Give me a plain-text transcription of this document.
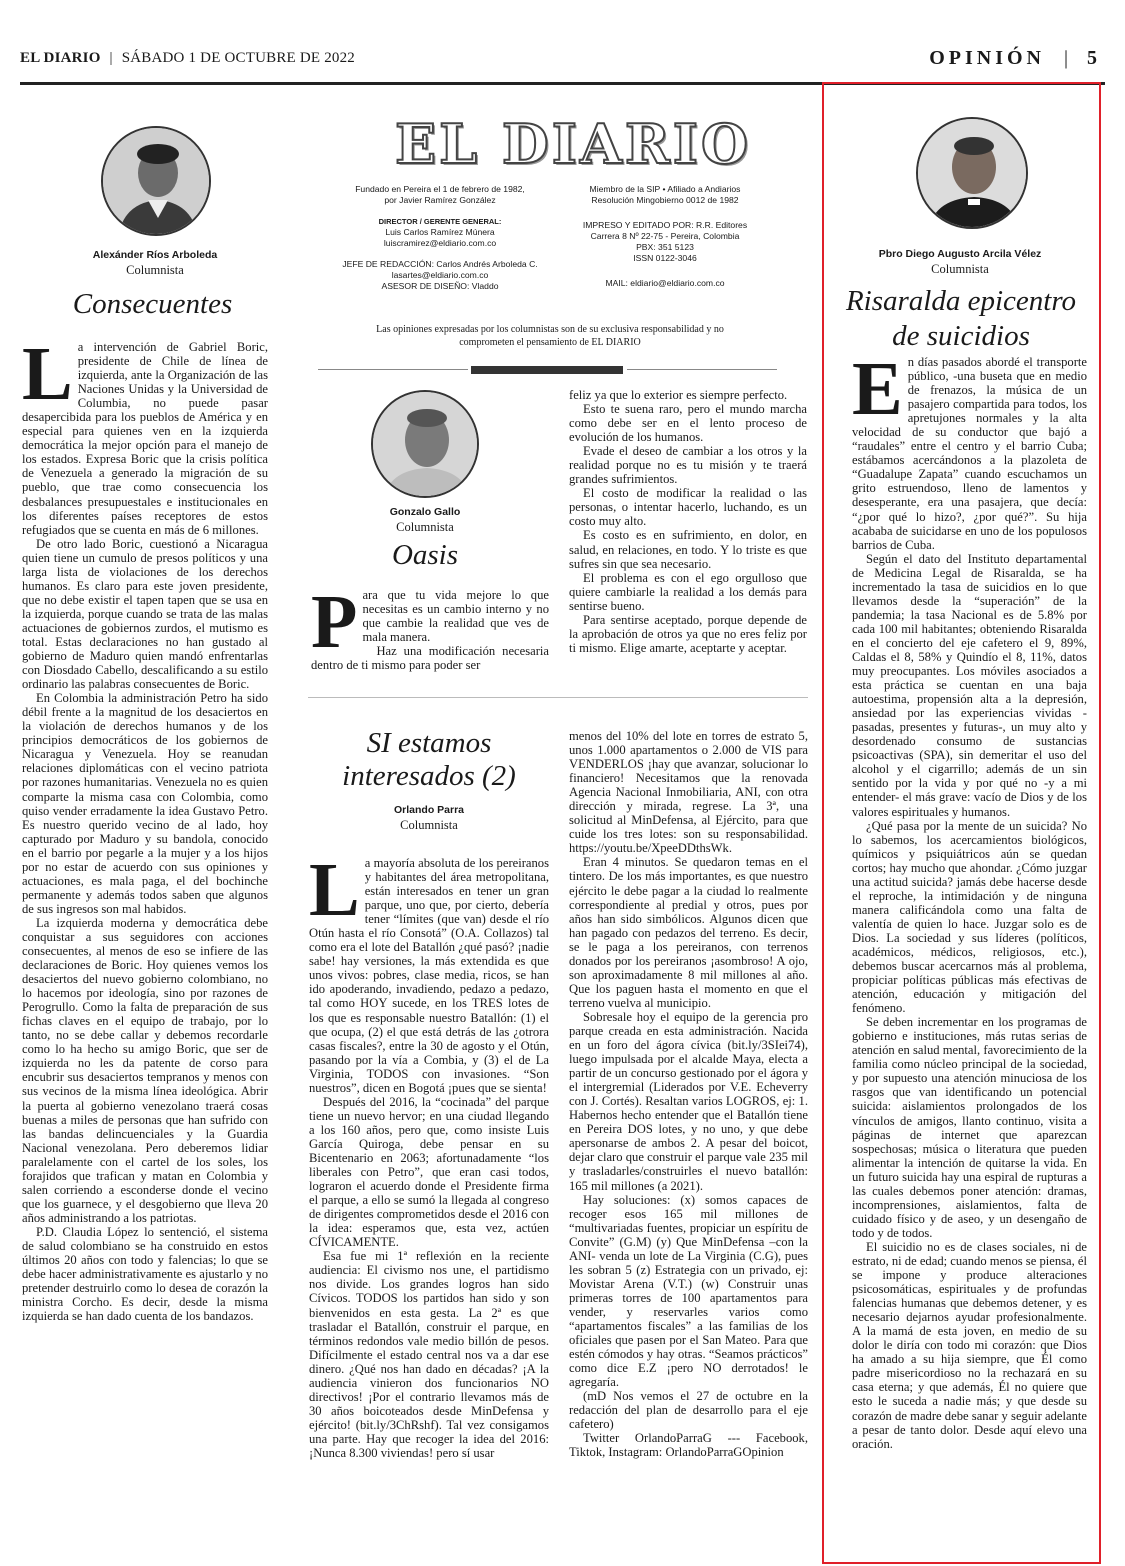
EL DIARIO | SÁBADO 1 DE OCTUBRE DE 2022	OPINIÓN | 5
Alexánder Ríos Arboleda
Columnista
Consecuentes
L a intervención de Gabriel Boric, presidente de Chile de línea de izquierda, ante la Organización de las Naciones Unidas y la Universidad de Columbia, no puede pasar desapercibida para los pueblos de América y en especial para quienes ven en la izquierda democrática la mejor opción para el manejo de los estados. Expresa Boric que la crisis política de Venezuela a generado la migración de su pueblo, que trae como consecuencia los desbalances presupuestales e institucionales en los diferentes países receptores de estos refugiados que se cuenta en más de 6 millones.

De otro lado Boric, cuestionó a Nicaragua quien tiene un cumulo de presos políticos y una larga lista de violaciones de los derechos humanos. Es claro para este joven presidente, que no debe existir el tapen tapen que se usa en la izquierda, porque cuando se trata de las malas actuaciones de gobiernos zurdos, el mutismo es total. Estas declaraciones no han gustado al gobierno de Maduro quien mandó enfrentarlas con Diosdado Cabello, descalificando a su estilo ordinario las palabras consecuentes de Boric.

En Colombia la administración Petro ha sido débil frente a la magnitud de los desaciertos en la violación de derechos humanos y de los principios democráticos de los gobiernos de Nicaragua y Venezuela. Hoy se reanudan relaciones diplomáticas con el vecino patriota por razones humanitarias. Venezuela no es quien comparte la misma casa con Colombia, como quiso vender erradamente la idea Gustavo Petro. Es nuestro querido vecino de al lado, hoy capturado por Maduro y su bandola, conocido en el barrio por pegarle a la mujer y a los hijos por no estar de acuerdo con sus opiniones y actuaciones, es mala paga, el del bochinche permanente y además todos saben que algunos de sus ingresos son mal habidos.

La izquierda moderna y democrática debe conquistar a sus seguidores con acciones consecuentes, al menos de eso se infiere de las declaraciones de Boric. Hoy quienes vemos los desaciertos del nuevo gobierno colombiano, no lo hacemos por ideología, sino por razones de Perogrullo. Como la falta de preparación de sus fichas claves en el equipo de trabajo, por lo tanto, no se debe callar y debemos recordarle como lo ha hecho su amigo Boric, que ser de izquierda no les da patente de corso para encubrir sus desaciertos tempranos y menos con sus vecinos de la misma línea ideológica. Abrir la puerta al gobierno venezolano traerá cosas buenas a miles de personas que han sufrido con las bandas delincuenciales y la Guardia Nacional venezolana. Pero deberemos lidiar paralelamente con el cartel de los soles, los forajidos que trafican y matan en Colombia y salen corriendo a esconderse donde el vecino que los guarnece, y el desgobierno que lleva 20 años administrando a los patriotas.

P.D. Claudia López lo sentenció, el sistema de salud colombiano se ha construido en estos últimos 20 años con todo y falencias; lo que se debe hacer administrativamente es ajustarlo y no pretender destruirlo como lo desea de corazón la ministra Corcho. Es decir, desde la misma izquierda se han dado cuenta de los bandazos.

EL DIARIO
Fundado en Pereira el 1 de febrero de 1982, por Javier Ramírez González
DIRECTOR / GERENTE GENERAL:
Luis Carlos Ramírez Múnera
luiscramirez@eldiario.com.co
JEFE DE REDACCIÓN: Carlos Andrés Arboleda C.
lasartes@eldiario.com.co
ASESOR DE DISEÑO: Vladdo
Miembro de la SIP • Afiliado a Andiarios
Resolución Mingobierno 0012 de 1982
IMPRESO Y EDITADO POR: R.R. Editores
Carrera 8 Nº 22-75 - Pereira, Colombia
PBX: 351 5123
ISSN 0122-3046
MAIL: eldiario@eldiario.com.co
Las opiniones expresadas por los columnistas son de su exclusiva responsabilidad y no comprometen el pensamiento de EL DIARIO
Gonzalo Gallo
Columnista
Oasis
P ara que tu vida mejore lo que necesitas es un cambio interno y no que cambie la realidad que ves de mala manera.

Haz una modificación necesaria dentro de ti mismo para poder ser

feliz ya que lo exterior es siempre perfecto.

Esto te suena raro, pero el mundo marcha como debe ser en el lento proceso de evolución de los humanos.

Evade el deseo de cambiar a los otros y la realidad porque no es tu misión y te traerá grandes sufrimientos.

El costo de modificar la realidad o las personas, o intentar hacerlo, luchando, es un costo muy alto.

Es costo es en sufrimiento, en dolor, en salud, en relaciones, en todo. Y lo triste es que sufres sin que sea necesario.

El problema es con el ego orgulloso que quiere cambiarle la realidad a los demás para sentirse bueno.

Para sentirse aceptado, porque depende de la aprobación de otros ya que no eres feliz por ti mismo. Elige amarte, aceptarte y aceptar.

SI estamos
interesados (2)
Orlando Parra
Columnista
L a mayoría absoluta de los pereiranos y habitantes del área metropolitana, están interesados en tener un gran parque, uno que, por cierto, debería tener “límites (que van) desde el río Otún hasta el río Consotá” (O.A. Collazos) tal como era el lote del Batallón ¿qué pasó? ¡nadie sabe! hay versiones, la más extendida es que unos vivos: pobres, clase media, ricos, se han ido apoderando, invadiendo, pedazo a pedazo, tal como HOY sucede, en los TRES lotes de los que es responsable nuestro Batallón: (1) el que ocupa, (2) el que está detrás de las ¿otrora casas fiscales?, entre la 30 de agosto y el Otún, pasando por la vía a Combia, y (3) el de La Virginia, TODOS con invasiones. “Son nuestros”, dicen en Bogotá ¡pues que se sienta!

Después del 2016, la “cocinada” del parque tiene un nuevo hervor; en una ciudad llegando a los 160 años, pero que, como insiste Luis García Quiroga, debe pensar en su Bicentenario en 2063; afortunadamente “los liberales con Petro”, que eran casi todos, lograron el acuerdo donde el Presidente firma el parque, a ello se sumó la llegada al congreso de dirigentes comprometidos desde el 2016 con la idea: esperamos que, esta vez, actúen CÍVICAMENTE.

Esa fue mi 1ª reflexión en la reciente audiencia: El civismo nos une, el partidismo nos divide. Los grandes logros han sido Cívicos. TODOS los partidos han sido y son bienvenidos en esta gesta. La 2ª es que trasladar el Batallón, construir el parque, en términos redondos vale medio billón de pesos. Difícilmente el estado central nos va a dar ese dinero. ¿Qué nos han dado en décadas? ¡A la audiencia vinieron dos funcionarios NO directivos! ¡Por el contrario llevamos más de 30 años boicoteados desde MinDefensa y ejército! (bit.ly/3ChRshf). Tal vez consigamos una parte. Hay que recoger la idea del 2016: ¡Nunca 8.300 viviendas! pero sí usar

menos del 10% del lote en torres de estrato 5, unos 1.000 apartamentos o 2.000 de VIS para VENDERLOS ¡hay que avanzar, solucionar lo financiero! Necesitamos que la renovada Agencia Nacional Inmobiliaria, ANI, con otra dirección y mirada, regrese. La 3ª, una solicitud al MinDefensa, al Ejército, para que cuide los tres lotes: son su responsabilidad. https://youtu.be/XpeeDDthsWk.

Eran 4 minutos. Se quedaron temas en el tintero. De los más importantes, es que nuestro ejército le debe pagar a la ciudad lo realmente correspondiente al predial y otros, pues por años han sido simbólicos. Algunos dicen que han pagado con pedazos del terreno. Es decir, se le paga a los pereiranos, con terrenos donados por los pereiranos ¡asombroso! A ojo, son aproximadamente 8 mil millones al año. Que los paguen hasta el momento en que el terreno vuelva al municipio.

Sobresale hoy el equipo de la gerencia pro parque creada en esta administración. Nacida en un foro del ágora cívica (bit.ly/3SIei74), luego impulsada por el alcalde Maya, electa a partir de un concurso gestionado por el ágora y el intergremial (Liderados por V.E. Echeverry con J. Cortés). Resaltan varios LOGROS, ej: 1. Habernos hecho entender que el Batallón tiene en Pereira DOS lotes, y no uno, y que debe apersonarse de ambos 2. A pesar del boicot, dejar claro que construir el parque vale 235 mil y trasladarles/construirles el nuevo batallón: 165 mil millones (a 2021).

Hay soluciones: (x) somos capaces de recoger esos 165 mil millones de “multivariadas fuentes, propiciar un espíritu de Convite” (G.M) (y) Que MinDefensa –con la ANI- venda un lote de La Virginia (C.G), pues les sobran 5 (z) Estrategia con un privado, ej: Movistar Arena (V.T.) (w) Construir unas primeras torres de 100 apartamentos para vender, y reservarles varios como “apartamentos fiscales” a las familias de los oficiales que pasen por el San Mateo. Para que estén cómodos y hay otras. “Seamos prácticos” como dice E.Z ¡pero NO derrotados! le agregaría.

(mD Nos vemos el 27 de octubre en la redacción del plan de desarrollo para el eje cafetero)

Twitter OrlandoParraG --- Facebook, Tiktok, Instagram: OrlandoParraGOpinion

Pbro Diego Augusto Arcila Vélez
Columnista
Risaralda epicentro
de suicidios
E n días pasados abordé el transporte público, -una buseta que en medio de frenazos, la música de un pasajero compartida para todos, los apretujones normales y la alta velocidad de su conductor que bajó a “raudales” entre el centro y el barrio Cuba; estábamos acercándonos a la plazoleta de “Guadalupe Zapata” cuando escuchamos un grito estruendoso, lleno de lamentos y desesperante, era una pasajera, que decía: “¿por qué lo hizo?, ¿por qué?”. Su hija acababa de suicidarse en uno de los populosos barrios de Cuba.

Según el dato del Instituto departamental de Medicina Legal de Risaralda, se ha incrementado la tasa de suicidios en lo que llevamos desde la “superación” de la pandemia; la tasa Nacional es de 5.8% por cada 100 mil habitantes; obteniendo Risaralda en el concierto del eje cafetero el 9, 89%, Caldas el 8, 58% y Quindío el 8, 11%, datos muy preocupantes. Los móviles asociados a esta práctica se cuentan en una baja autoestima, propensión alta a la depresión, ansiedad por las experiencias vividas -pasadas, presentes y futuras-, un muy alto y desordenado consumo de sustancias psicoactivas (SPA), sin demeritar el uso del alcohol y el cigarrillo; además de un sin sentido por la vida y por qué no -y a mi entender- el más grave: vacío de Dios y de los valores espirituales y humanos.

¿Qué pasa por la mente de un suicida? No lo sabemos, los acercamientos biológicos, químicos y psiquiátricos aún se quedan cortos; hay mucho que ahondar. ¿Cómo juzgar una actitud suicida? jamás debe hacerse desde el reproche, la intimidación y de ninguna manera calificándola como una falta de valentía de quien lo hace. Juzgar solo es de Dios. La sociedad y sus líderes (políticos, académicos, médicos, religiosos, etc.), debemos buscar acercarnos más al problema, propiciar políticas públicas más efectivas de atención, educación y mitigación del fenómeno.

Se deben incrementar en los programas de gobierno e instituciones, más rutas serias de atención en salud mental, favorecimiento de la familia como núcleo principal de la sociedad, y por supuesto una atención minuciosa de los rasgos que van identificando un potencial suicida: aislamientos prolongados de los vínculos de amigos, llanto continuo, visita a páginas de internet que aparezcan sospechosas; música o literatura que pueden alimentar la intención de quitarse la vida. En un futuro suicida hay una espiral de rupturas a las cuales debemos poner atención: dramas, incomprensiones, aislamientos, falta de cuidado físico y de aseo, y un desengaño de todo y de todos.

El suicidio no es de clases sociales, ni de estrato, ni de edad; cuando menos se piensa, él se impone y produce alteraciones psicosomáticas, espirituales y de profundas falencias humanas que debemos detener, y es necesario dejarnos ayudar profesionalmente. A la mamá de esta joven, en medio de su dolor le diría con todo mi corazón: que Dios ha amado a su hija siempre, que Él como padre misericordioso no la rechazará en su casa eterna; y que además, Él no quiere que esto le suceda a nadie más; y que desde su corazón de madre debe sanar y seguir adelante a pesar de tanto dolor. Desde aquí elevo una oración.
